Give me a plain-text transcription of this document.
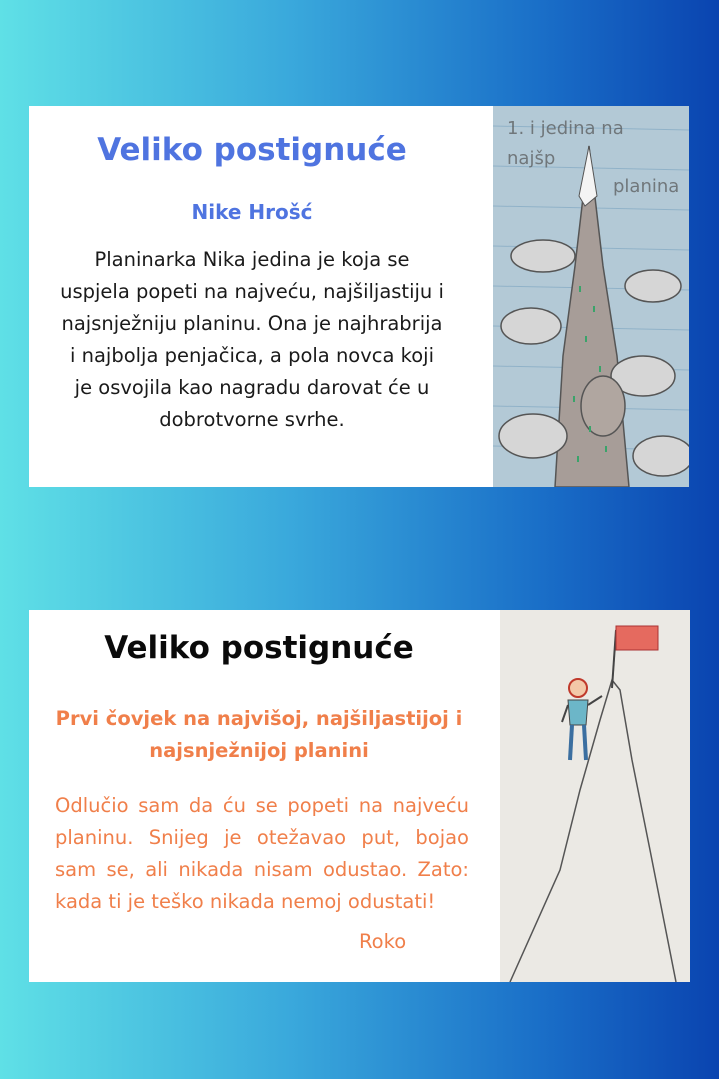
Veliko postignuće
Nike Hrošć
Planinarka Nika jedina je koja se uspjela popeti na najveću, najšiljastiju i najsnježniju planinu. Ona je najhrabrija i najbolja penjačica, a pola novca koji je osvojila kao nagradu darovat će u dobrotvorne svrhe.
1. i jedina na
najšp
planina
Veliko postignuće
Prvi čovjek na najvišoj, najšiljastijoj i najsnježnijoj planini
Odlučio sam da ću se popeti na najveću planinu. Snijeg je otežavao put, bojao sam se, ali nikada nisam odustao. Zato: kada ti je teško nikada nemoj odustati!
Roko
